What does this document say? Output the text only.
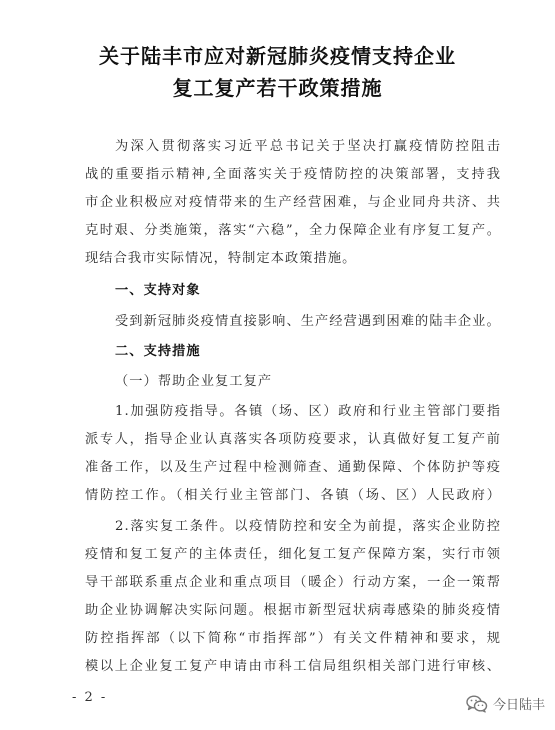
关于陆丰市应对新冠肺炎疫情支持企业
复工复产若干政策措施
为深入贯彻落实习近平总书记关于坚决打赢疫情防控阻击
战的重要指示精神,全面落实关于疫情防控的决策部署，支持我
市企业积极应对疫情带来的生产经营困难，与企业同舟共济、共
克时艰、分类施策，落实“六稳”，全力保障企业有序复工复产。
现结合我市实际情况，特制定本政策措施。
一、支持对象
受到新冠肺炎疫情直接影响、生产经营遇到困难的陆丰企业。
二、支持措施
（一）帮助企业复工复产
1.加强防疫指导。各镇（场、区）政府和行业主管部门要指
派专人，指导企业认真落实各项防疫要求，认真做好复工复产前
准备工作，以及生产过程中检测筛查、通勤保障、个体防护等疫
情防控工作。（相关行业主管部门、各镇（场、区）人民政府）
2.落实复工条件。以疫情防控和安全为前提，落实企业防控
疫情和复工复产的主体责任，细化复工复产保障方案，实行市领
导干部联系重点企业和重点项目（暖企）行动方案，一企一策帮
助企业协调解决实际问题。根据市新型冠状病毒感染的肺炎疫情
防控指挥部（以下简称“市指挥部”）有关文件精神和要求，规
模以上企业复工复产申请由市科工信局组织相关部门进行审核、
- 2 -
今日陆丰
